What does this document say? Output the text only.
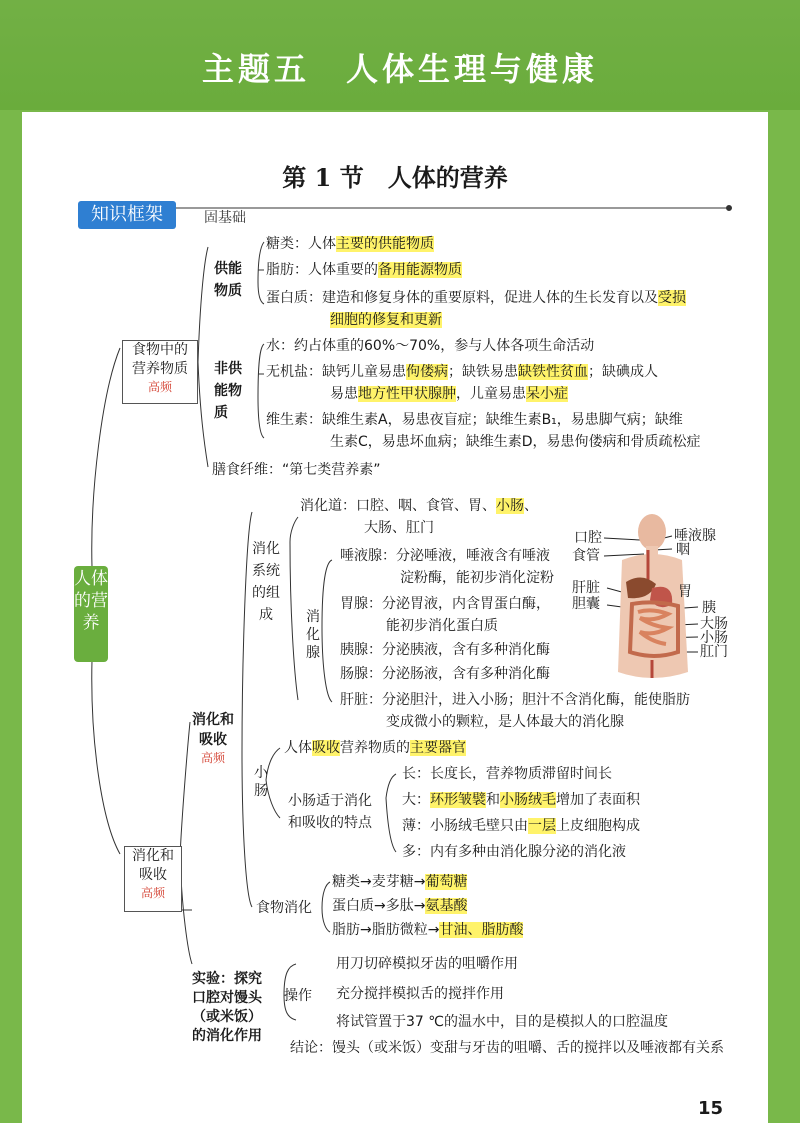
主题五　人体生理与健康
第 1 节　人体的营养
知识框架	固基础
人体
的营
养
食物中的
营养物质
高频
供能
物质
糖类：人体主要的供能物质
脂肪：人体重要的备用能源物质
蛋白质：建造和修复身体的重要原料，促进人体的生长发育以及受损
细胞的修复和更新
非供
能物
质
水：约占体重的60%～70%，参与人体各项生命活动
无机盐：缺钙儿童易患佝偻病；缺铁易患缺铁性贫血；缺碘成人
易患地方性甲状腺肿，儿童易患呆小症
维生素：缺维生素A，易患夜盲症；缺维生素B₁，易患脚气病；缺维
生素C，易患坏血病；缺维生素D，易患佝偻病和骨质疏松症
膳食纤维：“第七类营养素”
消化道：口腔、咽、食管、胃、小肠、
大肠、肛门
消化
系统
的组
成	消
化
腺
唾液腺：分泌唾液，唾液含有唾液
淀粉酶，能初步消化淀粉
胃腺：分泌胃液，内含胃蛋白酶，
能初步消化蛋白质
胰腺：分泌胰液，含有多种消化酶
肠腺：分泌肠液，含有多种消化酶
肝脏：分泌胆汁，进入小肠；胆汁不含消化酶，能使脂肪
变成微小的颗粒，是人体最大的消化腺
口腔
食管
肝脏
胆囊
唾液腺
咽
胃
胰
大肠
小肠
肛门
消化和
吸收
高频
小
肠
人体吸收营养物质的主要器官
小肠适于消化
和吸收的特点
长：长度长，营养物质滞留时间长
大：环形皱襞和小肠绒毛增加了表面积
薄：小肠绒毛壁只由一层上皮细胞构成
多：内有多种由消化腺分泌的消化液
食物消化
糖类→麦芽糖→葡萄糖
蛋白质→多肽→氨基酸
脂肪→脂肪微粒→甘油、脂肪酸
消化和
吸收
高频
实验：探究
口腔对馒头
（或米饭）
的消化作用
操作
用刀切碎模拟牙齿的咀嚼作用
充分搅拌模拟舌的搅拌作用
将试管置于37 ℃的温水中，目的是模拟人的口腔温度
结论：馒头（或米饭）变甜与牙齿的咀嚼、舌的搅拌以及唾液都有关系
15
